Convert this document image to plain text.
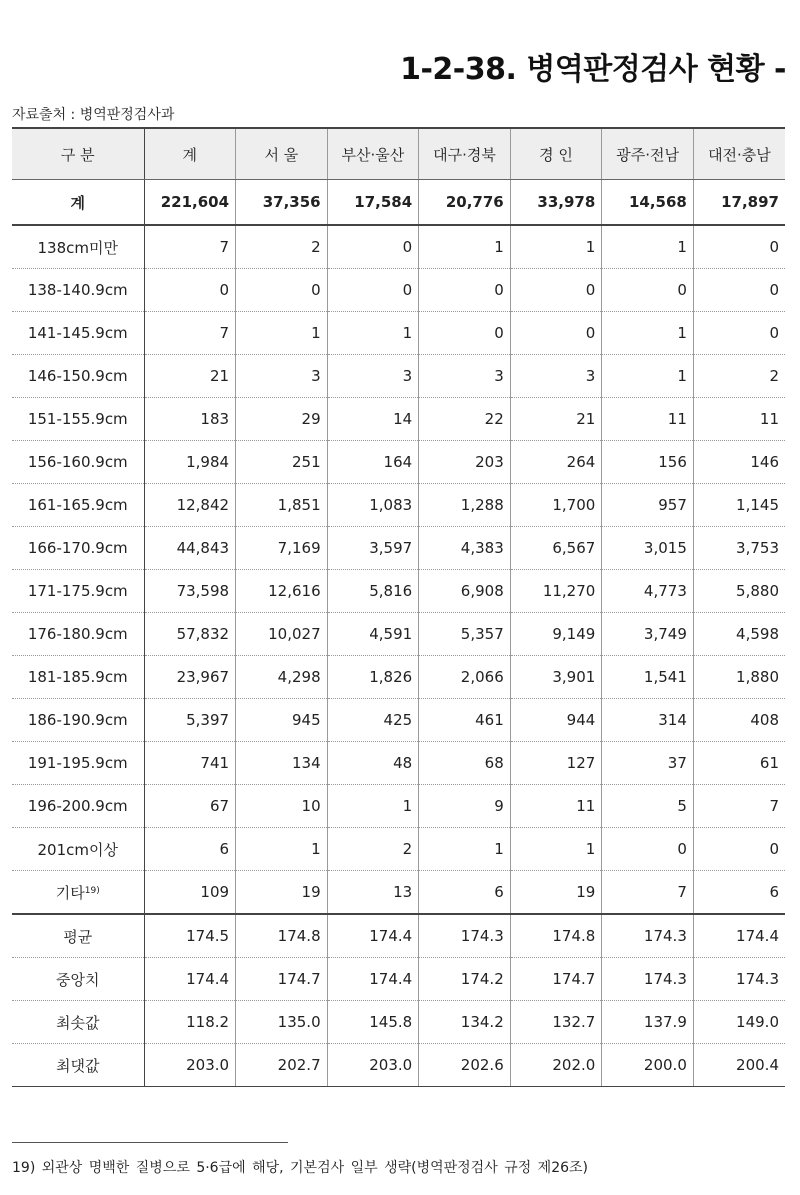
1-2-38. 병역판정검사 현황 -
자료출처 : 병역판정검사과
구 분	계	서 울	부산·울산	대구·경북	경 인	광주·전남	대전·충남
계	221,604	37,356	17,584	20,776	33,978	14,568	17,897
138cm미만	7	2	0	1	1	1	0
138-140.9cm	0	0	0	0	0	0	0
141-145.9cm	7	1	1	0	0	1	0
146-150.9cm	21	3	3	3	3	1	2
151-155.9cm	183	29	14	22	21	11	11
156-160.9cm	1,984	251	164	203	264	156	146
161-165.9cm	12,842	1,851	1,083	1,288	1,700	957	1,145
166-170.9cm	44,843	7,169	3,597	4,383	6,567	3,015	3,753
171-175.9cm	73,598	12,616	5,816	6,908	11,270	4,773	5,880
176-180.9cm	57,832	10,027	4,591	5,357	9,149	3,749	4,598
181-185.9cm	23,967	4,298	1,826	2,066	3,901	1,541	1,880
186-190.9cm	5,397	945	425	461	944	314	408
191-195.9cm	741	134	48	68	127	37	61
196-200.9cm	67	10	1	9	11	5	7
201cm이상	6	1	2	1	1	0	0
기타$^{19)}$	109	19	13	6	19	7	6
평균	174.5	174.8	174.4	174.3	174.8	174.3	174.4
중앙치	174.4	174.7	174.4	174.2	174.7	174.3	174.3
최솟값	118.2	135.0	145.8	134.2	132.7	137.9	149.0
최댓값	203.0	202.7	203.0	202.6	202.0	200.0	200.4
19) 외관상 명백한 질병으로 5·6급에 해당, 기본검사 일부 생략(병역판정검사 규정 제26조)
